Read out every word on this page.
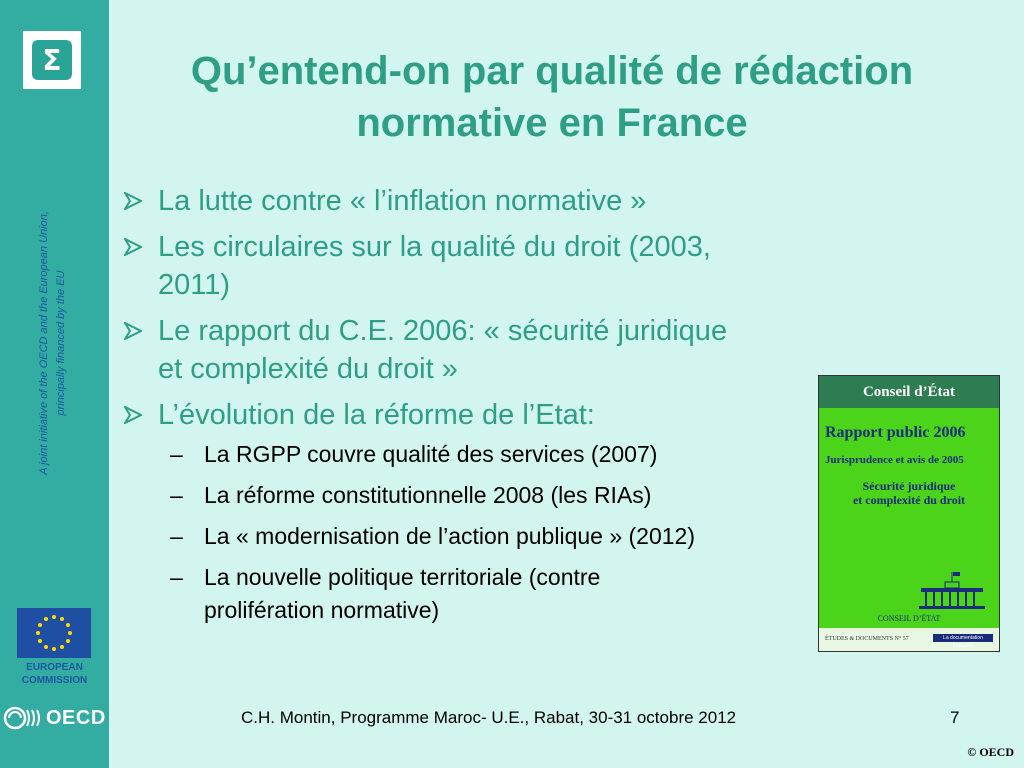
Σ
A joint initiative of the OECD and the European Union, principally financed by the EU
EUROPEAN
COMMISSION
OECD
Qu’entend-on par qualité de rédaction
normative en France
La lutte contre « l’inflation normative »
Les circulaires sur la qualité du droit (2003,
2011)
Le rapport du C.E. 2006: « sécurité juridique
et complexité du droit »
L’évolution de la réforme de l’Etat:
– La RGPP couvre qualité des services (2007)
– La réforme constitutionnelle 2008 (les RIAs)
– La « modernisation de l’action publique » (2012)
– La nouvelle politique territoriale (contre
prolifération normative)
Conseil d’État
Rapport public 2006
Jurisprudence et avis de 2005
Sécurité juridique
et complexité du droit
CONSEIL D’ÉTAT
ÉTUDES & DOCUMENTS N° 57	La documentation française
C.H. Montin, Programme Maroc- U.E., Rabat, 30-31 octobre 2012	7
© OECD
